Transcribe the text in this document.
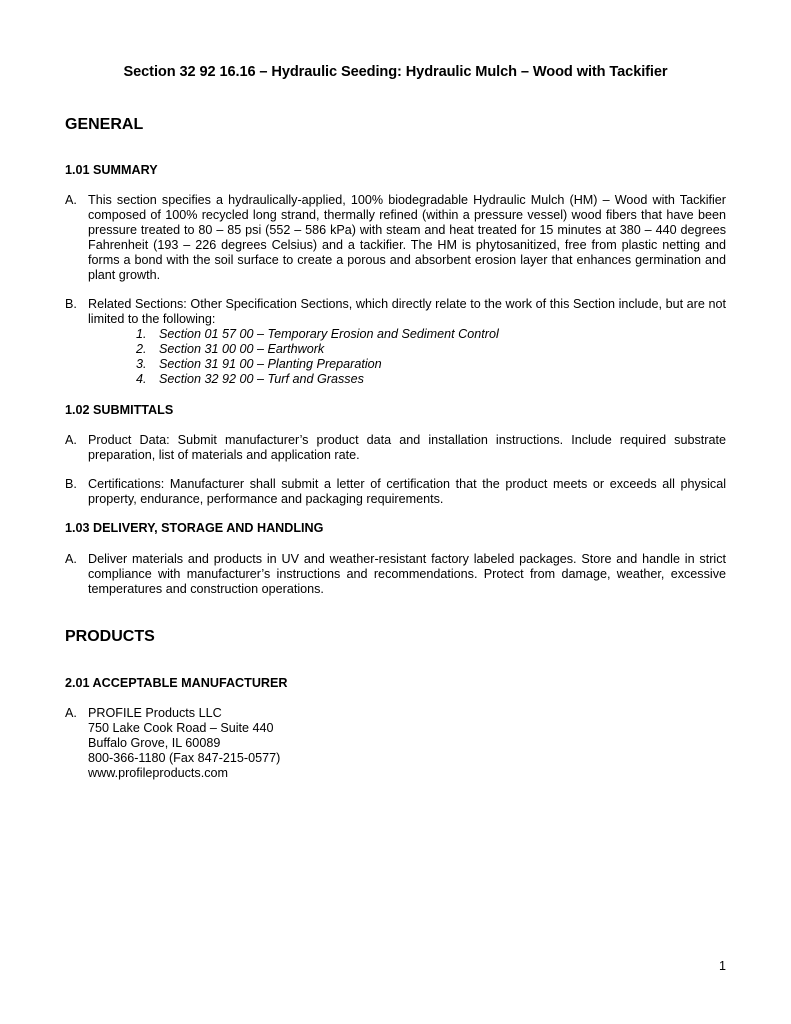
Section 32 92 16.16 – Hydraulic Seeding: Hydraulic Mulch – Wood with Tackifier
GENERAL
1.01 SUMMARY
A. This section specifies a hydraulically-applied, 100% biodegradable Hydraulic Mulch (HM) – Wood with Tackifier composed of 100% recycled long strand, thermally refined (within a pressure vessel) wood fibers that have been pressure treated to 80 – 85 psi (552 – 586 kPa) with steam and heat treated for 15 minutes at 380 – 440 degrees Fahrenheit (193 – 226 degrees Celsius) and a tackifier. The HM is phytosanitized, free from plastic netting and forms a bond with the soil surface to create a porous and absorbent erosion layer that enhances germination and plant growth.
B. Related Sections: Other Specification Sections, which directly relate to the work of this Section include, but are not limited to the following:
1. Section 01 57 00 – Temporary Erosion and Sediment Control
2. Section 31 00 00 – Earthwork
3. Section 31 91 00 – Planting Preparation
4. Section 32 92 00 – Turf and Grasses
1.02 SUBMITTALS
A. Product Data: Submit manufacturer’s product data and installation instructions. Include required substrate preparation, list of materials and application rate.
B. Certifications: Manufacturer shall submit a letter of certification that the product meets or exceeds all physical property, endurance, performance and packaging requirements.
1.03 DELIVERY, STORAGE AND HANDLING
A. Deliver materials and products in UV and weather-resistant factory labeled packages. Store and handle in strict compliance with manufacturer’s instructions and recommendations. Protect from damage, weather, excessive temperatures and construction operations.
PRODUCTS
2.01 ACCEPTABLE MANUFACTURER
A. PROFILE Products LLC
750 Lake Cook Road – Suite 440
Buffalo Grove, IL 60089
800-366-1180 (Fax 847-215-0577)
www.profileproducts.com
1
